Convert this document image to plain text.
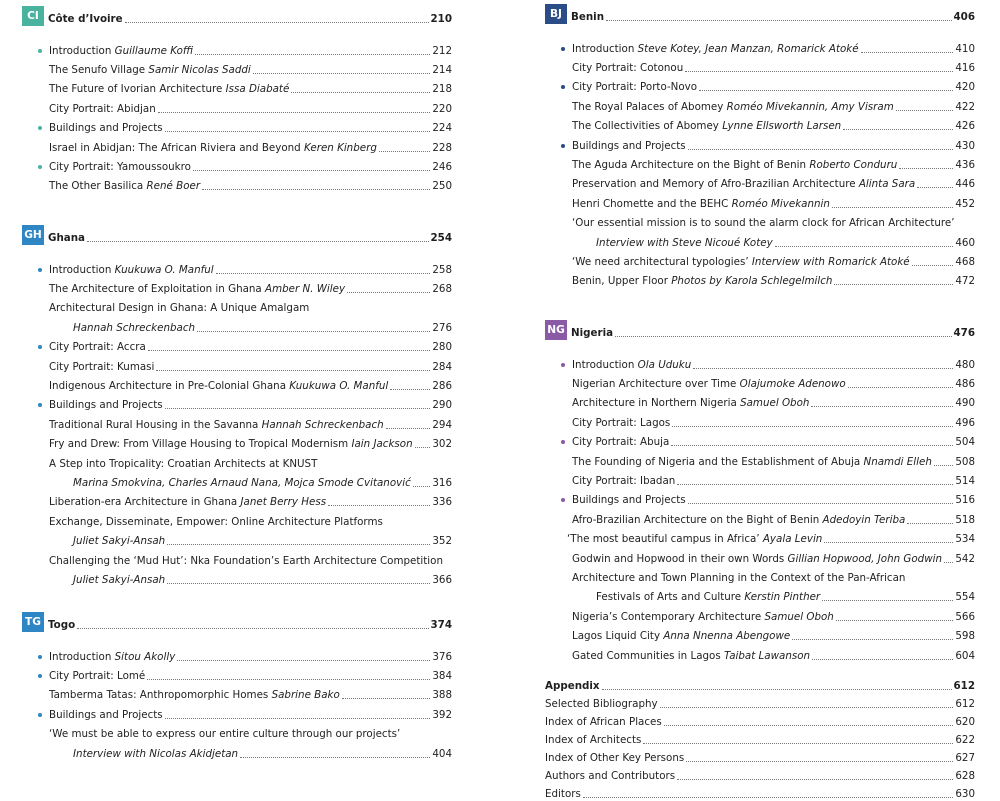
CI Côte d’Ivoire	210
Introduction Guillaume Koffi	212
The Senufo Village Samir Nicolas Saddi	214
The Future of Ivorian Architecture Issa Diabaté	218
City Portrait: Abidjan	220
Buildings and Projects	224
Israel in Abidjan: The African Riviera and Beyond Keren Kinberg	228
City Portrait: Yamoussoukro	246
The Other Basilica René Boer	250
GH Ghana	254
Introduction Kuukuwa O. Manful	258
The Architecture of Exploitation in Ghana Amber N. Wiley	268
Architectural Design in Ghana: A Unique Amalgam
Hannah Schreckenbach	276
City Portrait: Accra	280
City Portrait: Kumasi	284
Indigenous Architecture in Pre-Colonial Ghana Kuukuwa O. Manful	286
Buildings and Projects	290
Traditional Rural Housing in the Savanna Hannah Schreckenbach	294
Fry and Drew: From Village Housing to Tropical Modernism Iain Jackson 302
A Step into Tropicality: Croatian Architects at KNUST
Marina Smokvina, Charles Arnaud Nana, Mojca Smode Cvitanović 316
Liberation-era Architecture in Ghana Janet Berry Hess	336
Exchange, Disseminate, Empower: Online Architecture Platforms
Juliet Sakyi-Ansah	352
Challenging the ‘Mud Hut’: Nka Foundation’s Earth Architecture Competition
Juliet Sakyi-Ansah	366
TG Togo	374
Introduction Sitou Akolly	376
City Portrait: Lomé	384
Tamberma Tatas: Anthropomorphic Homes Sabrine Bako	388
Buildings and Projects	392
‘We must be able to express our entire culture through our projects’
Interview with Nicolas Akidjetan	404
BJ Benin	406
Introduction Steve Kotey, Jean Manzan, Romarick Atoké	410
City Portrait: Cotonou	416
City Portrait: Porto-Novo	420
The Royal Palaces of Abomey Roméo Mivekannin, Amy Visram	422
The Collectivities of Abomey Lynne Ellsworth Larsen	426
Buildings and Projects	430
The Aguda Architecture on the Bight of Benin Roberto Conduru	436
Preservation and Memory of Afro-Brazilian Architecture Alinta Sara	446
Henri Chomette and the BEHC Roméo Mivekannin	452
‘Our essential mission is to sound the alarm clock for African Architecture’
Interview with Steve Nicoué Kotey	460
‘We need architectural typologies’ Interview with Romarick Atoké	468
Benin, Upper Floor Photos by Karola Schlegelmilch	472
NG Nigeria	476
Introduction Ola Uduku	480
Nigerian Architecture over Time Olajumoke Adenowo	486
Architecture in Northern Nigeria Samuel Oboh	490
City Portrait: Lagos	496
City Portrait: Abuja	504
The Founding of Nigeria and the Establishment of Abuja Nnamdi Elleh 508
City Portrait: Ibadan	514
Buildings and Projects	516
Afro-Brazilian Architecture on the Bight of Benin Adedoyin Teriba	518
‘The most beautiful campus in Africa’ Ayala Levin	534
Godwin and Hopwood in their own Words Gillian Hopwood, John Godwin 542
Architecture and Town Planning in the Context of the Pan-African
Festivals of Arts and Culture Kerstin Pinther	554
Nigeria’s Contemporary Architecture Samuel Oboh	566
Lagos Liquid City Anna Nnenna Abengowe	598
Gated Communities in Lagos Taibat Lawanson	604
Appendix	612
Selected Bibliography	612
Index of African Places	620
Index of Architects	622
Index of Other Key Persons	627
Authors and Contributors	628
Editors	630
